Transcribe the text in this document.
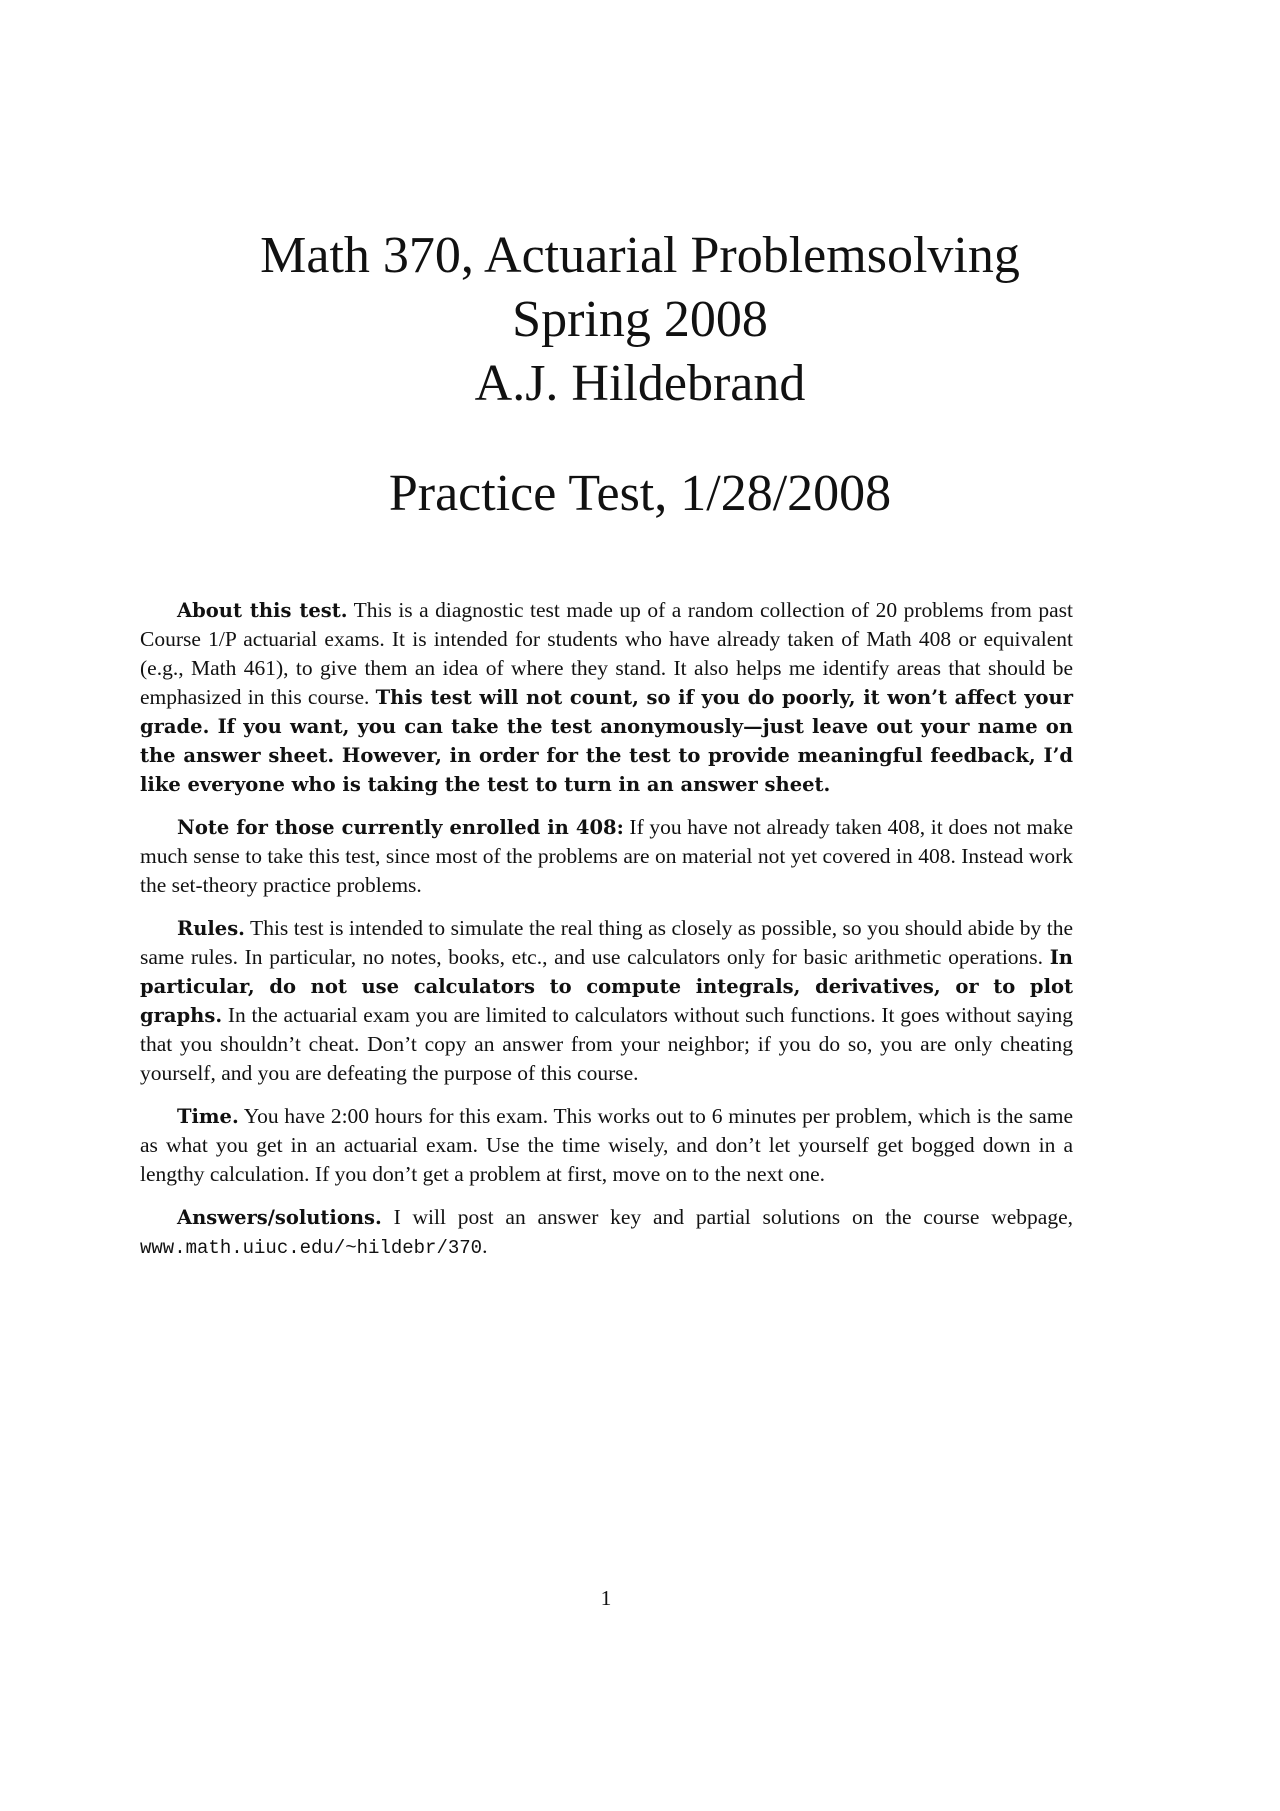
Math 370, Actuarial Problemsolving
Spring 2008
A.J. Hildebrand
Practice Test, 1/28/2008

About this test. This is a diagnostic test made up of a random collection of 20 problems from past Course 1/P actuarial exams. It is intended for students who have already taken of Math 408 or equivalent (e.g., Math 461), to give them an idea of where they stand. It also helps me identify areas that should be emphasized in this course. This test will not count, so if you do poorly, it won’t affect your grade. If you want, you can take the test anonymously—just leave out your name on the answer sheet. However, in order for the test to provide meaningful feedback, I’d like everyone who is taking the test to turn in an answer sheet.

Note for those currently enrolled in 408: If you have not already taken 408, it does not make much sense to take this test, since most of the problems are on material not yet covered in 408. Instead work the set-theory practice problems.

Rules. This test is intended to simulate the real thing as closely as possible, so you should abide by the same rules. In particular, no notes, books, etc., and use calculators only for basic arithmetic operations. In particular, do not use calculators to compute integrals, derivatives, or to plot graphs. In the actuarial exam you are limited to calculators without such functions. It goes without saying that you shouldn’t cheat. Don’t copy an answer from your neighbor; if you do so, you are only cheating yourself, and you are defeating the purpose of this course.

Time. You have 2:00 hours for this exam. This works out to 6 minutes per problem, which is the same as what you get in an actuarial exam. Use the time wisely, and don’t let yourself get bogged down in a lengthy calculation. If you don’t get a problem at first, move on to the next one.

Answers/solutions. I will post an answer key and partial solutions on the course webpage, www.math.uiuc.edu/~hildebr/370.

1
